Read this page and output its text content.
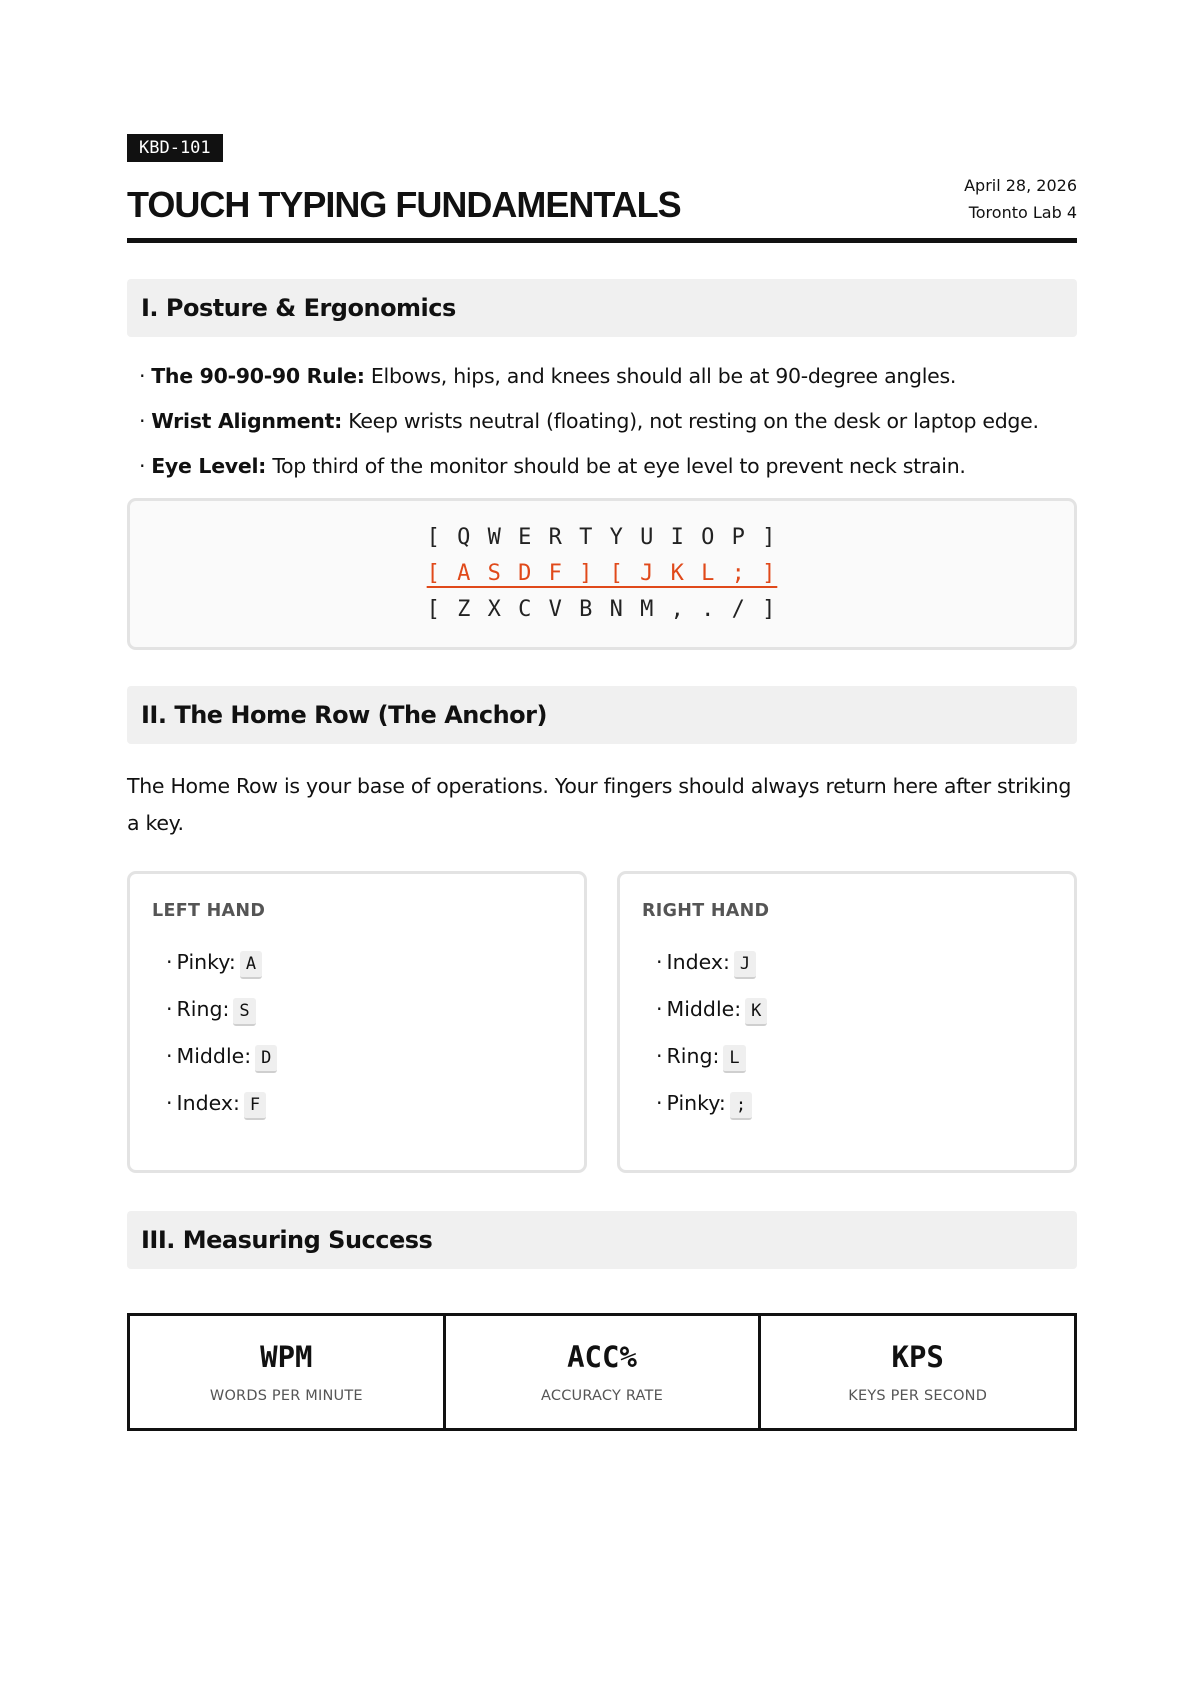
KBD-101
TOUCH TYPING FUNDAMENTALS	April 28, 2026
Toronto Lab 4
I. Posture & Ergonomics
· The 90-90-90 Rule: Elbows, hips, and knees should all be at 90-degree angles.
· Wrist Alignment: Keep wrists neutral (floating), not resting on the desk or laptop edge.
· Eye Level: Top third of the monitor should be at eye level to prevent neck strain.
[ Q W E R T Y U I O P ]
[ A S D F ] [ J K L ; ]
[ Z X C V B N M , . / ]
II. The Home Row (The Anchor)

The Home Row is your base of operations. Your fingers should always return here after striking a key.

LEFT HAND
· Pinky: A
· Ring: S
· Middle: D
· Index: F
RIGHT HAND
· Index: J
· Middle: K
· Ring: L
· Pinky: ;
III. Measuring Success
WPM
WORDS PER MINUTE
ACC%
ACCURACY RATE
KPS
KEYS PER SECOND
